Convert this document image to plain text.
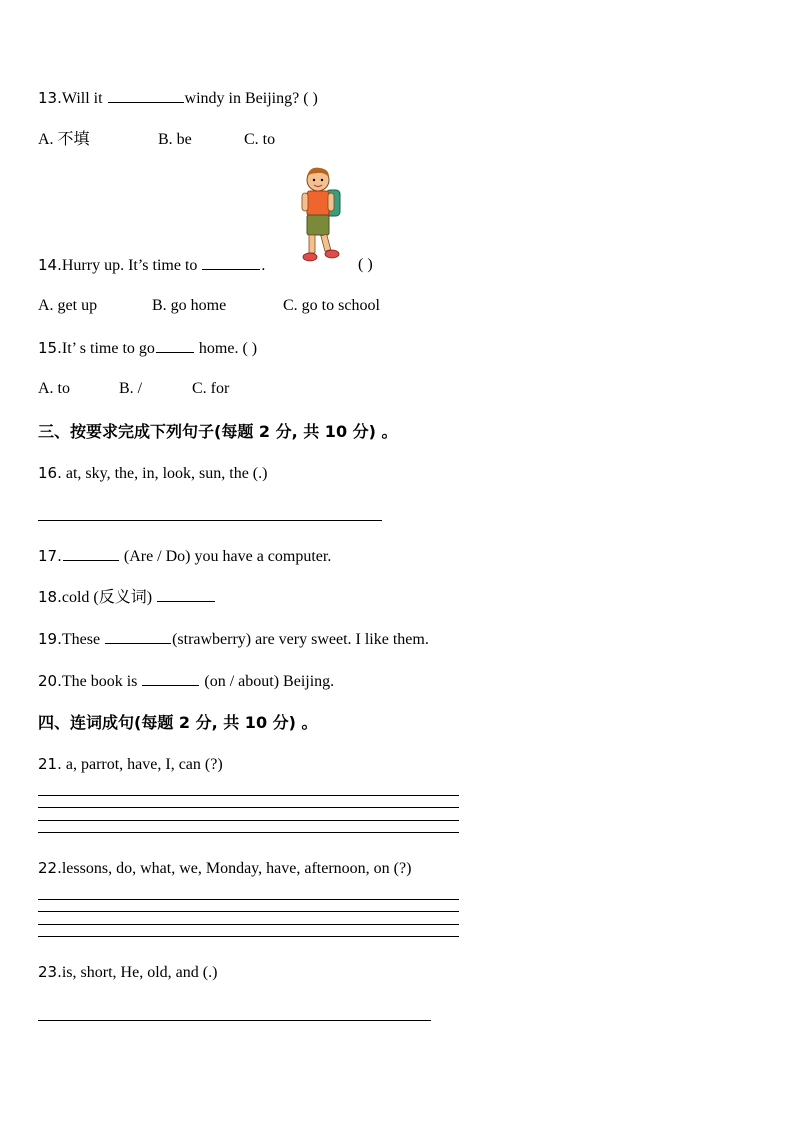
13.Will it	windy in Beijing? ( )
A. 不填	B. be	C. to
14.Hurry up. It’s time to	.	( )
A. get up	B. go home	C. go to school
15.It’ s time to go	home. ( )
A. to	B. /	C. for
三、按要求完成下列句子(每题 2 分, 共 10 分) 。
16. at, sky, the, in, look, sun, the (.)
17.	(Are / Do) you have a computer.
18.cold (反义词)
19.These	(strawberry) are very sweet. I like them.
20.The book is	(on / about) Beijing.
四、连词成句(每题 2 分, 共 10 分) 。
21. a, parrot, have, I, can (?)
22.lessons, do, what, we, Monday, have, afternoon, on (?)
23.is, short, He, old, and (.)
